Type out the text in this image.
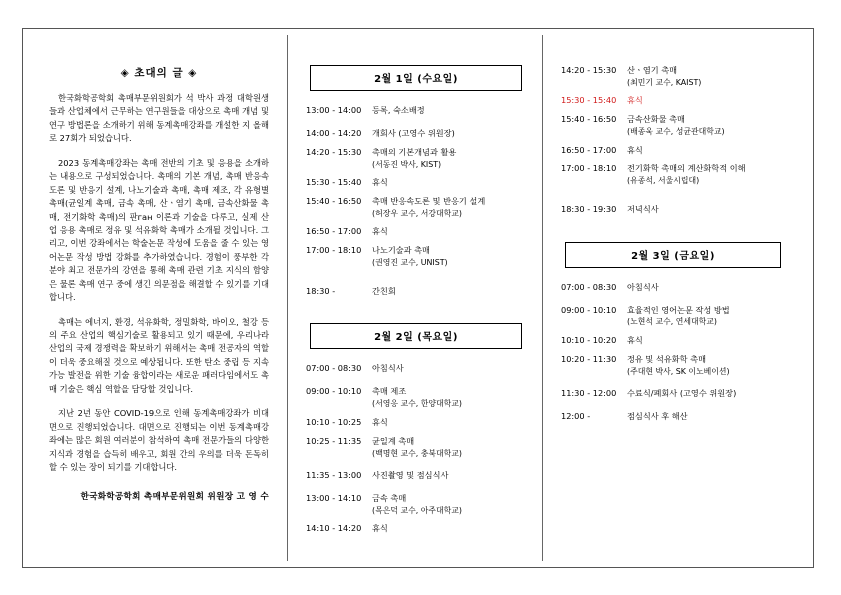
◈ 초대의 글 ◈

한국화학공학회 촉매부문위원회가 석 박사 과정 대학원생들과 산업체에서 근무하는 연구원들을 대상으로 촉매 개념 및 연구 방법론을 소개하기 위해 동계촉매강좌를 개설한 지 올해로 27회가 되었습니다.

2023 동계촉매강좌는 촉매 전반의 기초 및 응용을 소개하는 내용으로 구성되었습니다. 촉매의 기본 개념, 촉매 반응속도론 및 반응기 설계, 나노기술과 촉매, 촉매 제조, 각 유형별 촉매(균일계 촉매, 금속 촉매, 산ㆍ염기 촉매, 금속산화물 촉매, 전기화학 촉매)의 판ган 이론과 기술을 다루고, 실제 산업 응용 촉매로 정유 및 석유화학 촉매가 소개될 것입니다. 그리고, 이번 강좌에서는 학술논문 작성에 도움을 줄 수 있는 영어논문 작성 방법 강화를 추가하였습니다. 경험이 풍부한 각 분야 최고 전문가의 강연을 통해 촉매 관련 기초 지식의 함양은 물론 촉매 연구 중에 생긴 의문점을 해결할 수 있기를 기대합니다.

촉매는 에너지, 환경, 석유화학, 정밀화학, 바이오, 철강 등의 주요 산업의 핵심기술로 활용되고 있기 때문에, 우리나라 산업의 국제 경쟁력을 확보하기 위해서는 촉매 전공자의 역할이 더욱 중요해질 것으로 예상됩니다. 또한 탄소 중립 등 지속 가능 발전을 위한 기술 융합이라는 새로운 패러다임에서도 촉매 기술은 핵심 역할을 담당할 것입니다.

지난 2년 동안 COVID-19으로 인해 동계촉매강좌가 비대면으로 진행되었습니다. 대면으로 진행되는 이번 동계촉매강좌에는 많은 회원 여러분이 참석하여 촉매 전문가들의 다양한 지식과 경험을 습득히 배우고, 회원 간의 우의를 더욱 돈독히 할 수 있는 장이 되기를 기대합니다.

한국화학공학회 촉매부문위원회 위원장 고 영 수
2월 1일 (수요일)
13:00 - 14:00	등록, 숙소배정
14:00 - 14:20	개회사 (고영수 위원장)
14:20 - 15:30	촉매의 기본개념과 활용
(서동진 박사, KIST)
15:30 - 15:40	휴식
15:40 - 16:50	촉매 반응속도론 및 반응기 설계
(허장우 교수, 서강대학교)
16:50 - 17:00	휴식
17:00 - 18:10	나노기술과 촉매
(권영진 교수, UNIST)
18:30 -	간친회
2월 2일 (목요일)
07:00 - 08:30	아침식사
09:00 - 10:10	촉매 제조
(서영응 교수, 한양대학교)
10:10 - 10:25	휴식
10:25 - 11:35	균일계 촉매
(백명현 교수, 충북대학교)
11:35 - 13:00	사진촬영 및 점심식사
13:00 - 14:10	금속 촉매
(목은덕 교수, 아주대학교)
14:10 - 14:20	휴식
14:20 - 15:30	산ㆍ염기 촉매
(최민기 교수, KAIST)
15:30 - 15:40	휴식
15:40 - 16:50	금속산화물 촉매
(배종욱 교수, 성균관대학교)
16:50 - 17:00	휴식
17:00 - 18:10	전기화학 촉매의 계산화학적 이해
(유종석, 서울시립대)
18:30 - 19:30	저녁식사
2월 3일 (금요일)
07:00 - 08:30	아침식사
09:00 - 10:10	효율적인 영어논문 작성 방법
(노현석 교수, 연세대학교)
10:10 - 10:20	휴식
10:20 - 11:30	정유 및 석유화학 촉매
(주대현 박사, SK 이노베이션)
11:30 - 12:00	수료식/폐회사 (고영수 위원장)
12:00 -	점심식사 후 해산
